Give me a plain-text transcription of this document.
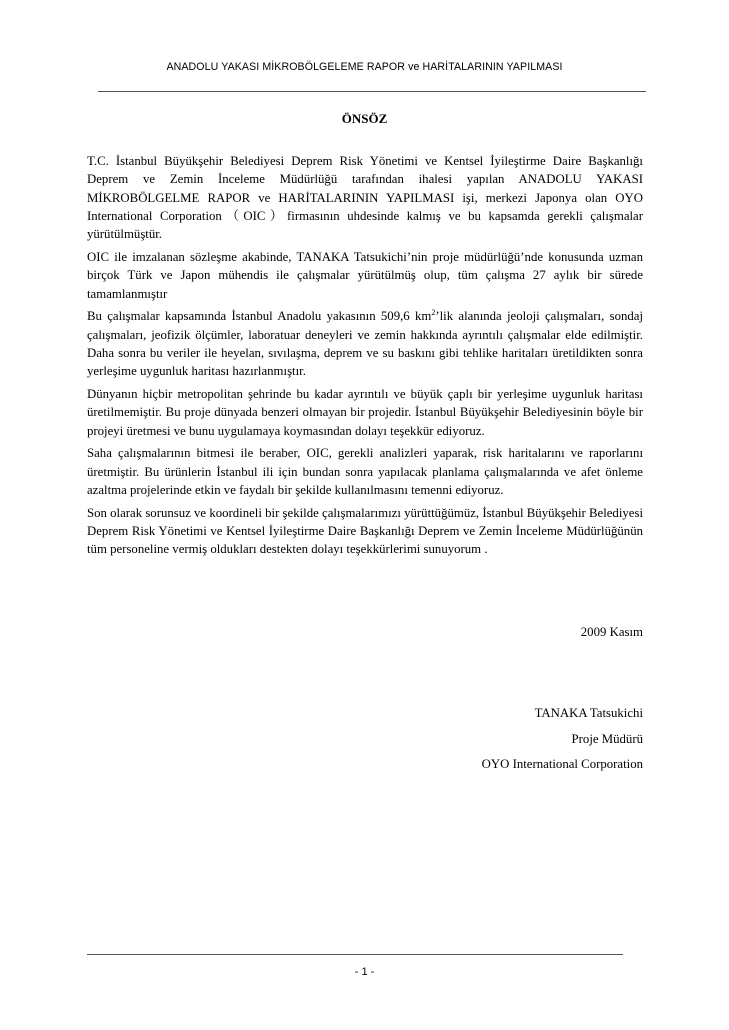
ANADOLU YAKASI MİKROBÖLGELEME RAPOR ve HARİTALARININ YAPILMASI
ÖNSÖZ

T.C. İstanbul Büyükşehir Belediyesi Deprem Risk Yönetimi ve Kentsel İyileştirme Daire Başkanlığı Deprem ve Zemin İnceleme Müdürlüğü tarafından ihalesi yapılan ANADOLU YAKASI MİKROBÖLGELME RAPOR ve HARİTALARININ YAPILMASI işi, merkezi Japonya olan OYO International Corporation（OIC）firmasının uhdesinde kalmış ve bu kapsamda gerekli çalışmalar yürütülmüştür.

OIC ile imzalanan sözleşme akabinde, TANAKA Tatsukichi’nin proje müdürlüğü’nde konusunda uzman birçok Türk ve Japon mühendis ile çalışmalar yürütülmüş olup, tüm çalışma 27 aylık bir sürede tamamlanmıştır

Bu çalışmalar kapsamında İstanbul Anadolu yakasının 509,6 $km^2’lik$ alanında jeoloji çalışmaları, sondaj çalışmaları, jeofizik ölçümler, laboratuar deneyleri ve zemin hakkında ayrıntılı çalışmalar elde edilmiştir. Daha sonra bu veriler ile heyelan, sıvılaşma, deprem ve su baskını gibi tehlike haritaları üretildikten sonra yerleşime uygunluk haritası hazırlanmıştır.

Dünyanın hiçbir metropolitan şehrinde bu kadar ayrıntılı ve büyük çaplı bir yerleşime uygunluk haritası üretilmemiştir. Bu proje dünyada benzeri olmayan bir projedir. İstanbul Büyükşehir Belediyesinin böyle bir projeyi üretmesi ve bunu uygulamaya koymasından dolayı teşekkür ediyoruz.

Saha çalışmalarının bitmesi ile beraber, OIC, gerekli analizleri yaparak, risk haritalarını ve raporlarını üretmiştir. Bu ürünlerin İstanbul ili için bundan sonra yapılacak planlama çalışmalarında ve afet önleme azaltma projelerinde etkin ve faydalı bir şekilde kullanılmasını temenni ediyoruz.

Son olarak sorunsuz ve koordineli bir şekilde çalışmalarımızı yürüttüğümüz, İstanbul Büyükşehir Belediyesi Deprem Risk Yönetimi ve Kentsel İyileştirme Daire Başkanlığı Deprem ve Zemin İnceleme Müdürlüğünün tüm personeline vermiş oldukları destekten dolayı teşekkürlerimi sunuyorum .

2009 Kasım
TANAKA Tatsukichi
Proje Müdürü
OYO International Corporation
- 1 -
